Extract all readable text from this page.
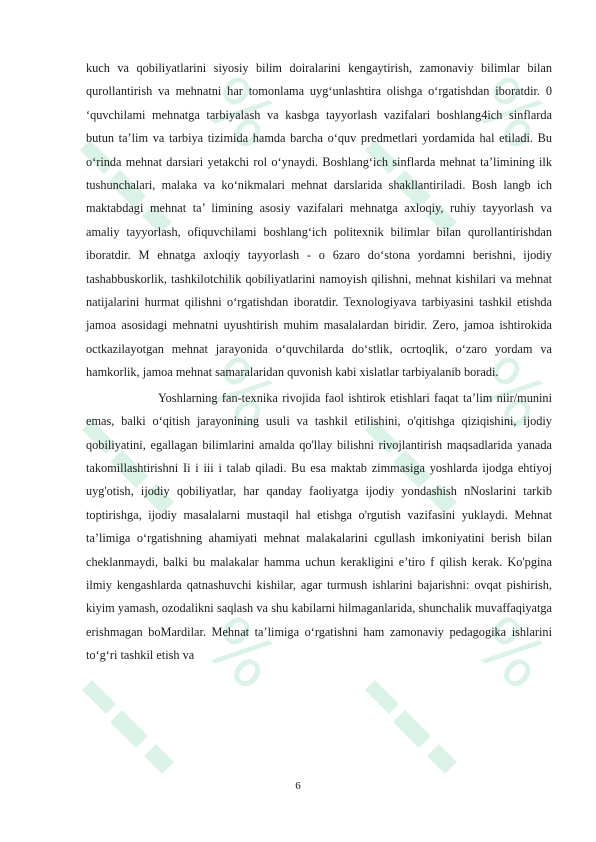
% %
% %
% %

kuch va qobiliyatlarini siyosiy bilim doiralarini kengaytirish, zamonaviy bilimlar bilan qurollantirish va mehnatni har tomonlama uyg‘unlashtira olishga o‘rgatishdan iboratdir. 0 ‘quvchilami mehnatga tarbiyalash va kasbga tayyorlash vazifalari boshlang4ich sinflarda butun ta’lim va tarbiya tizimida hamda barcha o‘quv predmetlari yordamida hal etiladi. Bu o‘rinda mehnat darsiari yetakchi rol o‘ynaydi. Boshlang‘ich sinflarda mehnat ta’limining ilk tushunchalari, malaka va ko‘nikmalari mehnat darslarida shakllantiriladi. Bosh langb ich maktabdagi mehnat ta’ limining asosiy vazifalari mehnatga axloqiy, ruhiy tayyorlash va amaliy tayyorlash, ofiquvchilami boshlang‘ich politexnik bilimlar bilan qurollantirishdan iboratdir. M ehnatga axloqiy tayyorlash - o 6zaro do‘stona yordamni berishni, ijodiy tashabbuskorlik, tashkilotchilik qobiliyatlarini namoyish qilishni, mehnat kishilari va mehnat natijalarini hurmat qilishni o‘rgatishdan iboratdir. Texnologiyava tarbiyasini tashkil etishda jamoa asosidagi mehnatni uyushtirish muhim masalalardan biridir. Zero, jamoa ishtirokida octkazilayotgan mehnat jarayonida o‘quvchilarda do‘stlik, ocrtoqlik, o‘zaro yordam va hamkorlik, jamoa mehnat samaralaridan quvonish kabi xislatlar tarbiyalanib boradi.

Yoshlarning fan-texnika rivojida faol ishtirok etishlari faqat ta’lim niir/munini emas, balki o‘qitish jarayonining usuli va tashkil etilishini, o'qitishga qiziqishini, ijodiy qobiliyatini, egallagan bilimlarini amalda qo'llay bilishni rivojlantirish maqsadlarida yanada takomillashtirishni Ii i iii i talab qiladi. Bu esa maktab zimmasiga yoshlarda ijodga ehtiyoj uyg'otish, ijodiy qobiliyatlar, har qanday faoliyatga ijodiy yondashish nNoslarini tarkib toptirishga, ijodiy masalalarni mustaqil hal etishga o'rgutish vazifasini yuklaydi. Mehnat ta’limiga o‘rgatishning ahamiyati mehnat malakalarini cgullash imkoniyatini berish bilan cheklanmaydi, balki bu malakalar hamma uchun kerakligini e’tiro f qilish kerak. Ko'pgina ilmiy kengashlarda qatnashuvchi kishilar, agar turmush ishlarini bajarishni: ovqat pishirish, kiyim yamash, ozodalikni saqlash va shu kabilarni hilmaganlarida, shunchalik muvaffaqiyatga erishmagan boMardilar. Mehnat ta’limiga o‘rgatishni ham zamonaviy pedagogika ishlarini to‘g‘ri tashkil etish va

6
